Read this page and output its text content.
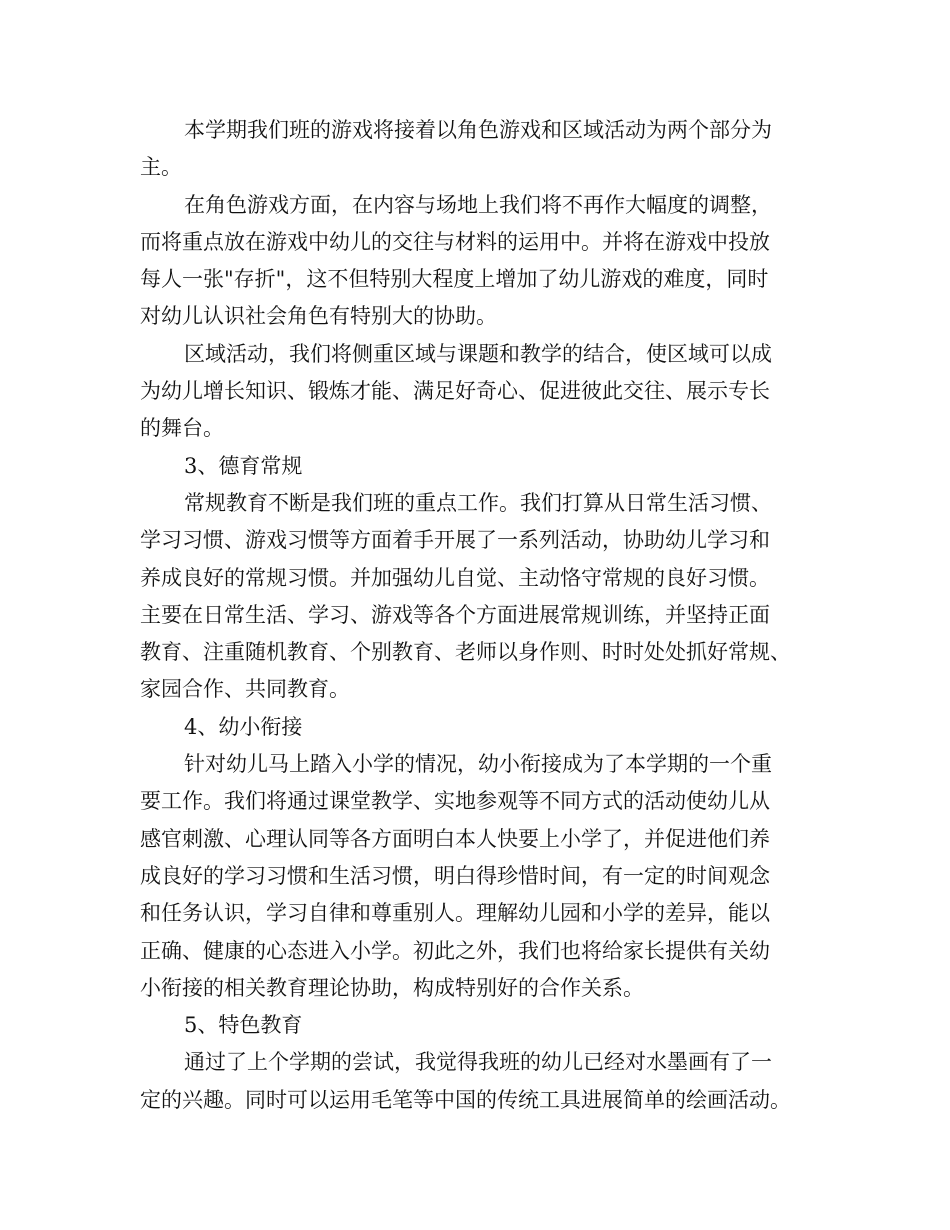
本学期我们班的游戏将接着以角色游戏和区域活动为两个部分为
主。
在角色游戏方面，在内容与场地上我们将不再作大幅度的调整，
而将重点放在游戏中幼儿的交往与材料的运用中。并将在游戏中投放
每人一张"存折"，这不但特别大程度上增加了幼儿游戏的难度，同时
对幼儿认识社会角色有特别大的协助。
区域活动，我们将侧重区域与课题和教学的结合，使区域可以成
为幼儿增长知识、锻炼才能、满足好奇心、促进彼此交往、展示专长
的舞台。
3、德育常规
常规教育不断是我们班的重点工作。我们打算从日常生活习惯、
学习习惯、游戏习惯等方面着手开展了一系列活动，协助幼儿学习和
养成良好的常规习惯。并加强幼儿自觉、主动恪守常规的良好习惯。
主要在日常生活、学习、游戏等各个方面进展常规训练，并坚持正面
教育、注重随机教育、个别教育、老师以身作则、时时处处抓好常规、
家园合作、共同教育。
4、幼小衔接
针对幼儿马上踏入小学的情况，幼小衔接成为了本学期的一个重
要工作。我们将通过课堂教学、实地参观等不同方式的活动使幼儿从
感官刺激、心理认同等各方面明白本人快要上小学了，并促进他们养
成良好的学习习惯和生活习惯，明白得珍惜时间，有一定的时间观念
和任务认识，学习自律和尊重别人。理解幼儿园和小学的差异，能以
正确、健康的心态进入小学。初此之外，我们也将给家长提供有关幼
小衔接的相关教育理论协助，构成特别好的合作关系。
5、特色教育
通过了上个学期的尝试，我觉得我班的幼儿已经对水墨画有了一
定的兴趣。同时可以运用毛笔等中国的传统工具进展简单的绘画活动。
